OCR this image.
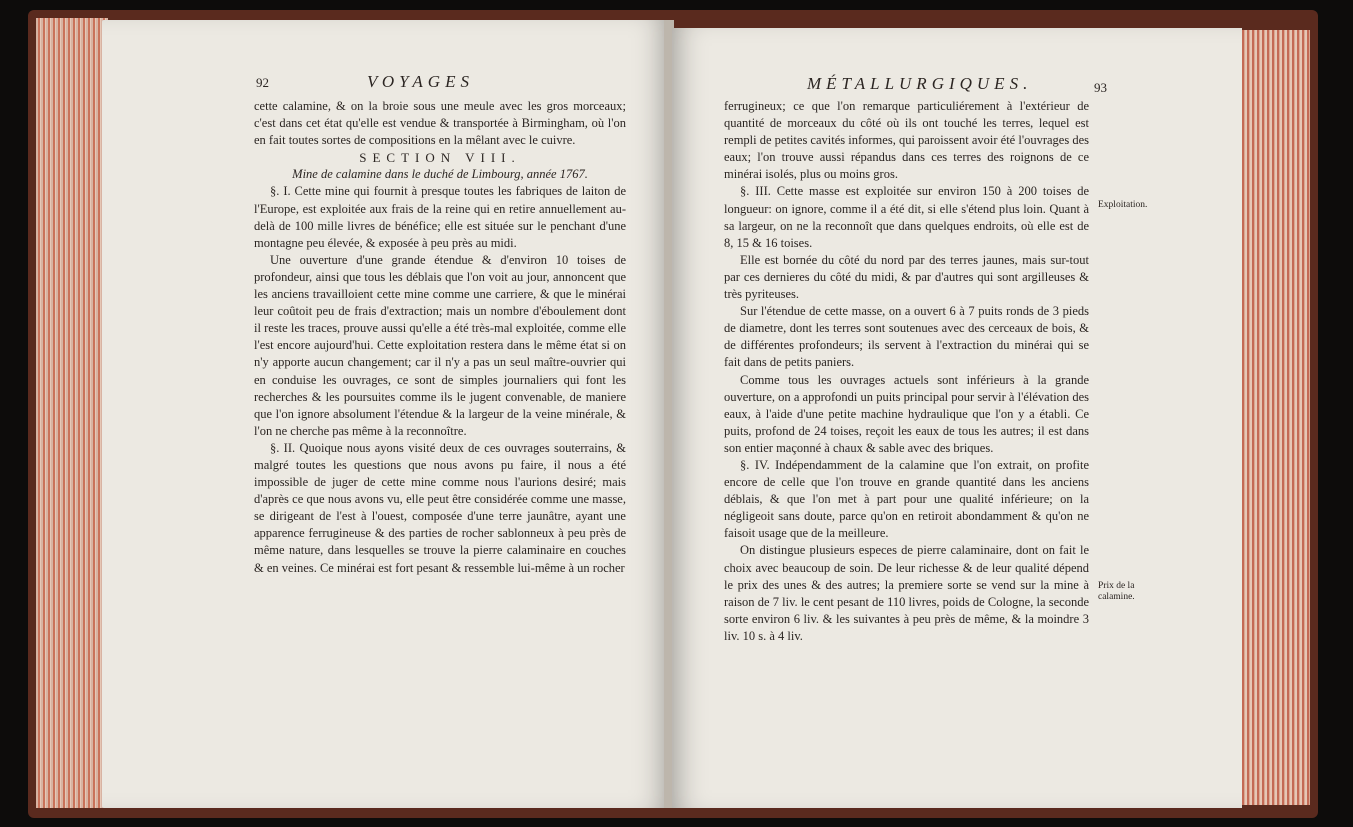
92	VOYAGES

cette calamine, & on la broie sous une meule avec les gros morceaux; c'est dans cet état qu'elle est vendue & transportée à Birmingham, où l'on en fait toutes sortes de compositions en la mêlant avec le cuivre.

SECTION VIII.

Mine de calamine dans le duché de Limbourg, année 1767.

§. I. Cette mine qui fournit à presque toutes les fabriques de laiton de l'Europe, est exploitée aux frais de la reine qui en retire annuellement au-delà de 100 mille livres de bénéfice; elle est située sur le penchant d'une montagne peu élevée, & exposée à peu près au midi.

Une ouverture d'une grande étendue & d'environ 10 toises de profondeur, ainsi que tous les déblais que l'on voit au jour, annoncent que les anciens travailloient cette mine comme une carriere, & que le minérai leur coûtoit peu de frais d'extraction; mais un nombre d'éboulement dont il reste les traces, prouve aussi qu'elle a été très-mal exploitée, comme elle l'est encore aujourd'hui. Cette exploitation restera dans le même état si on n'y apporte aucun changement; car il n'y a pas un seul maître-ouvrier qui en conduise les ouvrages, ce sont de simples journaliers qui font les recherches & les poursuites comme ils le jugent convenable, de maniere que l'on ignore absolument l'étendue & la largeur de la veine minérale, & l'on ne cherche pas même à la reconnoître.

§. II. Quoique nous ayons visité deux de ces ouvrages souterrains, & malgré toutes les questions que nous avons pu faire, il nous a été impossible de juger de cette mine comme nous l'aurions desiré; mais d'après ce que nous avons vu, elle peut être considérée comme une masse, se dirigeant de l'est à l'ouest, composée d'une terre jaunâtre, ayant une apparence ferrugineuse & des parties de rocher sablonneux à peu près de même nature, dans lesquelles se trouve la pierre calaminaire en couches & en veines. Ce minérai est fort pesant & ressemble lui-même à un rocher

MÉTALLURGIQUES.	93

ferrugineux; ce que l'on remarque particuliérement à l'extérieur de quantité de morceaux du côté où ils ont touché les terres, lequel est rempli de petites cavités informes, qui paroissent avoir été l'ouvrages des eaux; l'on trouve aussi répandus dans ces terres des roignons de ce minérai isolés, plus ou moins gros.

§. III. Cette masse est exploitée sur environ 150 à 200 toises de longueur: on ignore, comme il a été dit, si elle s'étend plus loin. Quant à sa largeur, on ne la reconnoît que dans quelques endroits, où elle est de 8, 15 & 16 toises.

Elle est bornée du côté du nord par des terres jaunes, mais sur-tout par ces dernieres du côté du midi, & par d'autres qui sont argilleuses & très pyriteuses.

Sur l'étendue de cette masse, on a ouvert 6 à 7 puits ronds de 3 pieds de diametre, dont les terres sont soutenues avec des cerceaux de bois, & de différentes profondeurs; ils servent à l'extraction du minérai qui se fait dans de petits paniers.

Comme tous les ouvrages actuels sont inférieurs à la grande ouverture, on a approfondi un puits principal pour servir à l'élévation des eaux, à l'aide d'une petite machine hydraulique que l'on y a établi. Ce puits, profond de 24 toises, reçoit les eaux de tous les autres; il est dans son entier maçonné à chaux & sable avec des briques.

§. IV. Indépendamment de la calamine que l'on extrait, on profite encore de celle que l'on trouve en grande quantité dans les anciens déblais, & que l'on met à part pour une qualité inférieure; on la négligeoit sans doute, parce qu'on en retiroit abondamment & qu'on ne faisoit usage que de la meilleure.

On distingue plusieurs especes de pierre calaminaire, dont on fait le choix avec beaucoup de soin. De leur richesse & de leur qualité dépend le prix des unes & des autres; la premiere sorte se vend sur la mine à raison de 7 liv. le cent pesant de 110 livres, poids de Cologne, la seconde sorte environ 6 liv. & les suivantes à peu près de même, & la moindre 3 liv. 10 s. à 4 liv.

Exploitation.
Prix de la calamine.
